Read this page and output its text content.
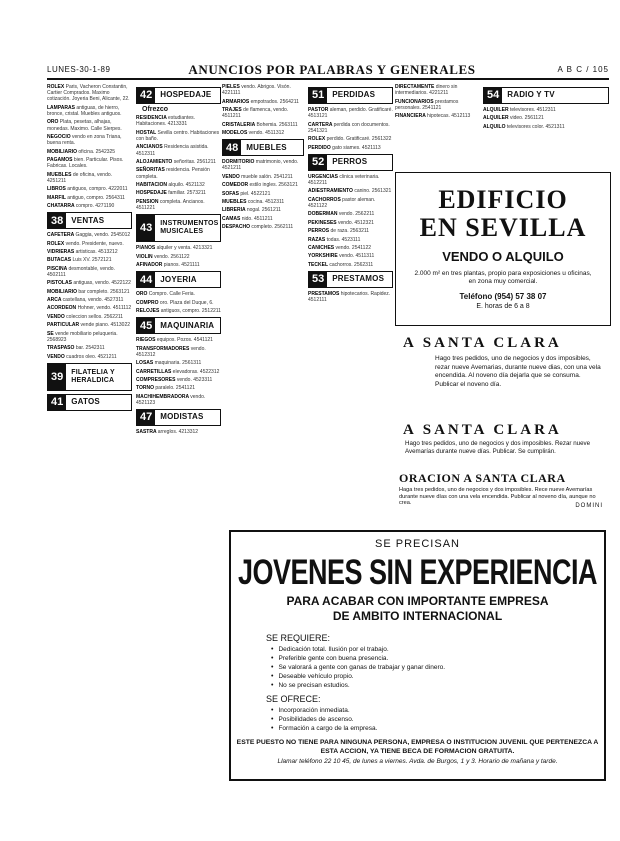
LUNES-30-1-89	ANUNCIOS POR PALABRAS Y GENERALES	A B C / 105
ROLEX Paris, Vacheron Constantin, Cartier Comprados. Maximo cotización. Joyeria Beni, Alicante, 22.
LAMPARAS antiguas, de hierro, bronce, cristal. Muebles antiguos.
ORO Plata, pesetas, alhajas, monedas. Maximo. Calle Sierpes.
NEGOCIO vendo en zona Triana, buena renta.
MOBILIARIO oficina. 2542325
PAGAMOS bien. Particular. Pisos. Fabricas. Locales.
MUEBLES de oficina, vendo. 4251211
LIBROS antiguos, compro. 4222011
MARFIL antiguo, compro. 2564311
CHATARRA compro. 4271190
38	VENTAS
CAFETERA Gaggia, vendo. 2545012
ROLEX vendo. Presidente, nuevo.
VIDRIERAS artisticas. 4513212
BUTACAS Luis XV. 2572121
PISCINA desmontable, vendo. 4502111
PISTOLAS antiguas, vendo. 4522122
MOBILIARIO bar completo. 2563121
ARCA castellana, vendo. 4527311
ACORDEON Hohner, vendo. 4511112
VENDO coleccion sellos. 2562211
PARTICULAR vende piano. 4513022
SE vende mobiliario peluqueria. 2568923
TRASPASO bar. 2542311
VENDO cuadros oleo. 4521211
39	FILATELIA Y HERALDICA
41	GATOS
42	HOSPEDAJE
Ofrezco
RESIDENCIA estudiantes. Habitaciones. 4213331
HOSTAL Sevilla centro. Habitaciones con baño.
ANCIANOS Residencia asistida. 4512311
ALOJAMIENTO señoritas. 2561211
SEÑORITAS residencia. Pensión completa.
HABITACION alquilo. 4521132
HOSPEDAJE familiar. 2573211
PENSION completa. Ancianos. 4511221
43	INSTRUMENTOS MUSICALES
PIANOS alquiler y venta. 4213321
VIOLIN vendo. 2561122
AFINADOR pianos. 4521111
44	JOYERIA
ORO Compro. Calle Feria.
COMPRO oro. Plaza del Duque, 6.
RELOJES antiguos, compro. 2512211
45	MAQUINARIA
RIEGOS equipos. Pozos. 4541121
TRANSFORMADORES vendo. 4512312
LOSAS maquinaria. 2561311
CARRETILLAS elevadoras. 4522312
COMPRESORES vendo. 4523311
TORNO paralelo. 2541121
MACHIHEMBRADORA vendo. 4521123
47	MODISTAS
SASTRA arreglos. 4213312
PIELES vendo. Abrigos. Visón. 4221111
ARMARIOS empotrados. 2564211
TRAJES de flamenca, vendo. 4511211
CRISTALERIA Bohemia. 2563111
MODELOS vendo. 4511312
48	MUEBLES
DORMITORIO matrimonio, vendo. 4521211
VENDO mueble salón. 2541211
COMEDOR estilo ingles. 2563121
SOFAS piel. 4522121
MUEBLES cocina. 4512311
LIBRERIA nogal. 2561211
CAMAS nido. 4511211
DESPACHO completo. 2562111
51	PERDIDAS
PASTOR aleman, perdido. Gratificaré. 4513121
CARTERA perdida con documentos. 2541321
ROLEX perdido. Gratificaré. 2561322
PERDIDO gato siames. 4521113
52	PERROS
URGENCIAS clinica veterinaria. 4512211
ADIESTRAMIENTO canino. 2561321
CACHORROS pastor aleman. 4521122
DOBERMAN vendo. 2562211
PEKINESES vendo. 4512321
PERROS de raza. 2563211
RAZAS todas. 4523111
CANICHES vendo. 2541122
YORKSHIRE vendo. 4511311
TECKEL cachorros. 2562311
53	PRESTAMOS
PRESTAMOS hipotecarios. Rapidez. 4512111
DIRECTAMENTE dinero sin intermediarios. 4221211
FUNCIONARIOS prestamos personales. 2541121
FINANCIERA hipotecas. 4512113
54	RADIO Y TV
ALQUILER televisores. 4512311
ALQUILER video. 2561121
ALQUILO televisores color. 4521311
EDIFICIO
EN SEVILLA
VENDO O ALQUILO
2.000 m² en tres plantas, propio para exposiciones u oficinas, en zona muy comercial.
Teléfono (954) 57 38 07
E. horas de 6 a 8
A SANTA CLARA
Hago tres pedidos, uno de negocios y dos imposibles, rezar nueve Avemarias, durante nueve dias, con una vela encendida. Al noveno día dejarla que se consuma. Publicar el noveno día.
A SANTA CLARA
Hago tres pedidos, uno de negocios y dos imposibles. Rezar nueve Avemarías durante nueve días. Publicar. Se cumplirán.
ORACION A SANTA CLARA
Haga tres pedidos, uno de negocios y dos imposibles. Rece nueve Avemarías durante nueve días con una vela encendida. Publicar al noveno día, aunque no crea.	DOMINI
SE PRECISAN
JOVENES SIN EXPERIENCIA
PARA ACABAR CON IMPORTANTE EMPRESA
DE AMBITO INTERNACIONAL
SE REQUIERE:
• Dedicación total. Ilusión por el trabajo.
• Preferible gente con buena presencia.
• Se valorará a gente con ganas de trabajar y ganar dinero.
• Deseable vehículo propio.
• No se precisan estudios.
SE OFRECE:
• Incorporación inmediata.
• Posibilidades de ascenso.
• Formación a cargo de la empresa.
ESTE PUESTO NO TIENE PARA NINGUNA PERSONA, EMPRESA O INSTITUCION JUVENIL QUE PERTENEZCA A ESTA ACCION, YA TIENE BECA DE FORMACION GRATUITA.
Llamar teléfono 22 10 45, de lunes a viernes. Avda. de Burgos, 1 y 3. Horario de mañana y tarde.
